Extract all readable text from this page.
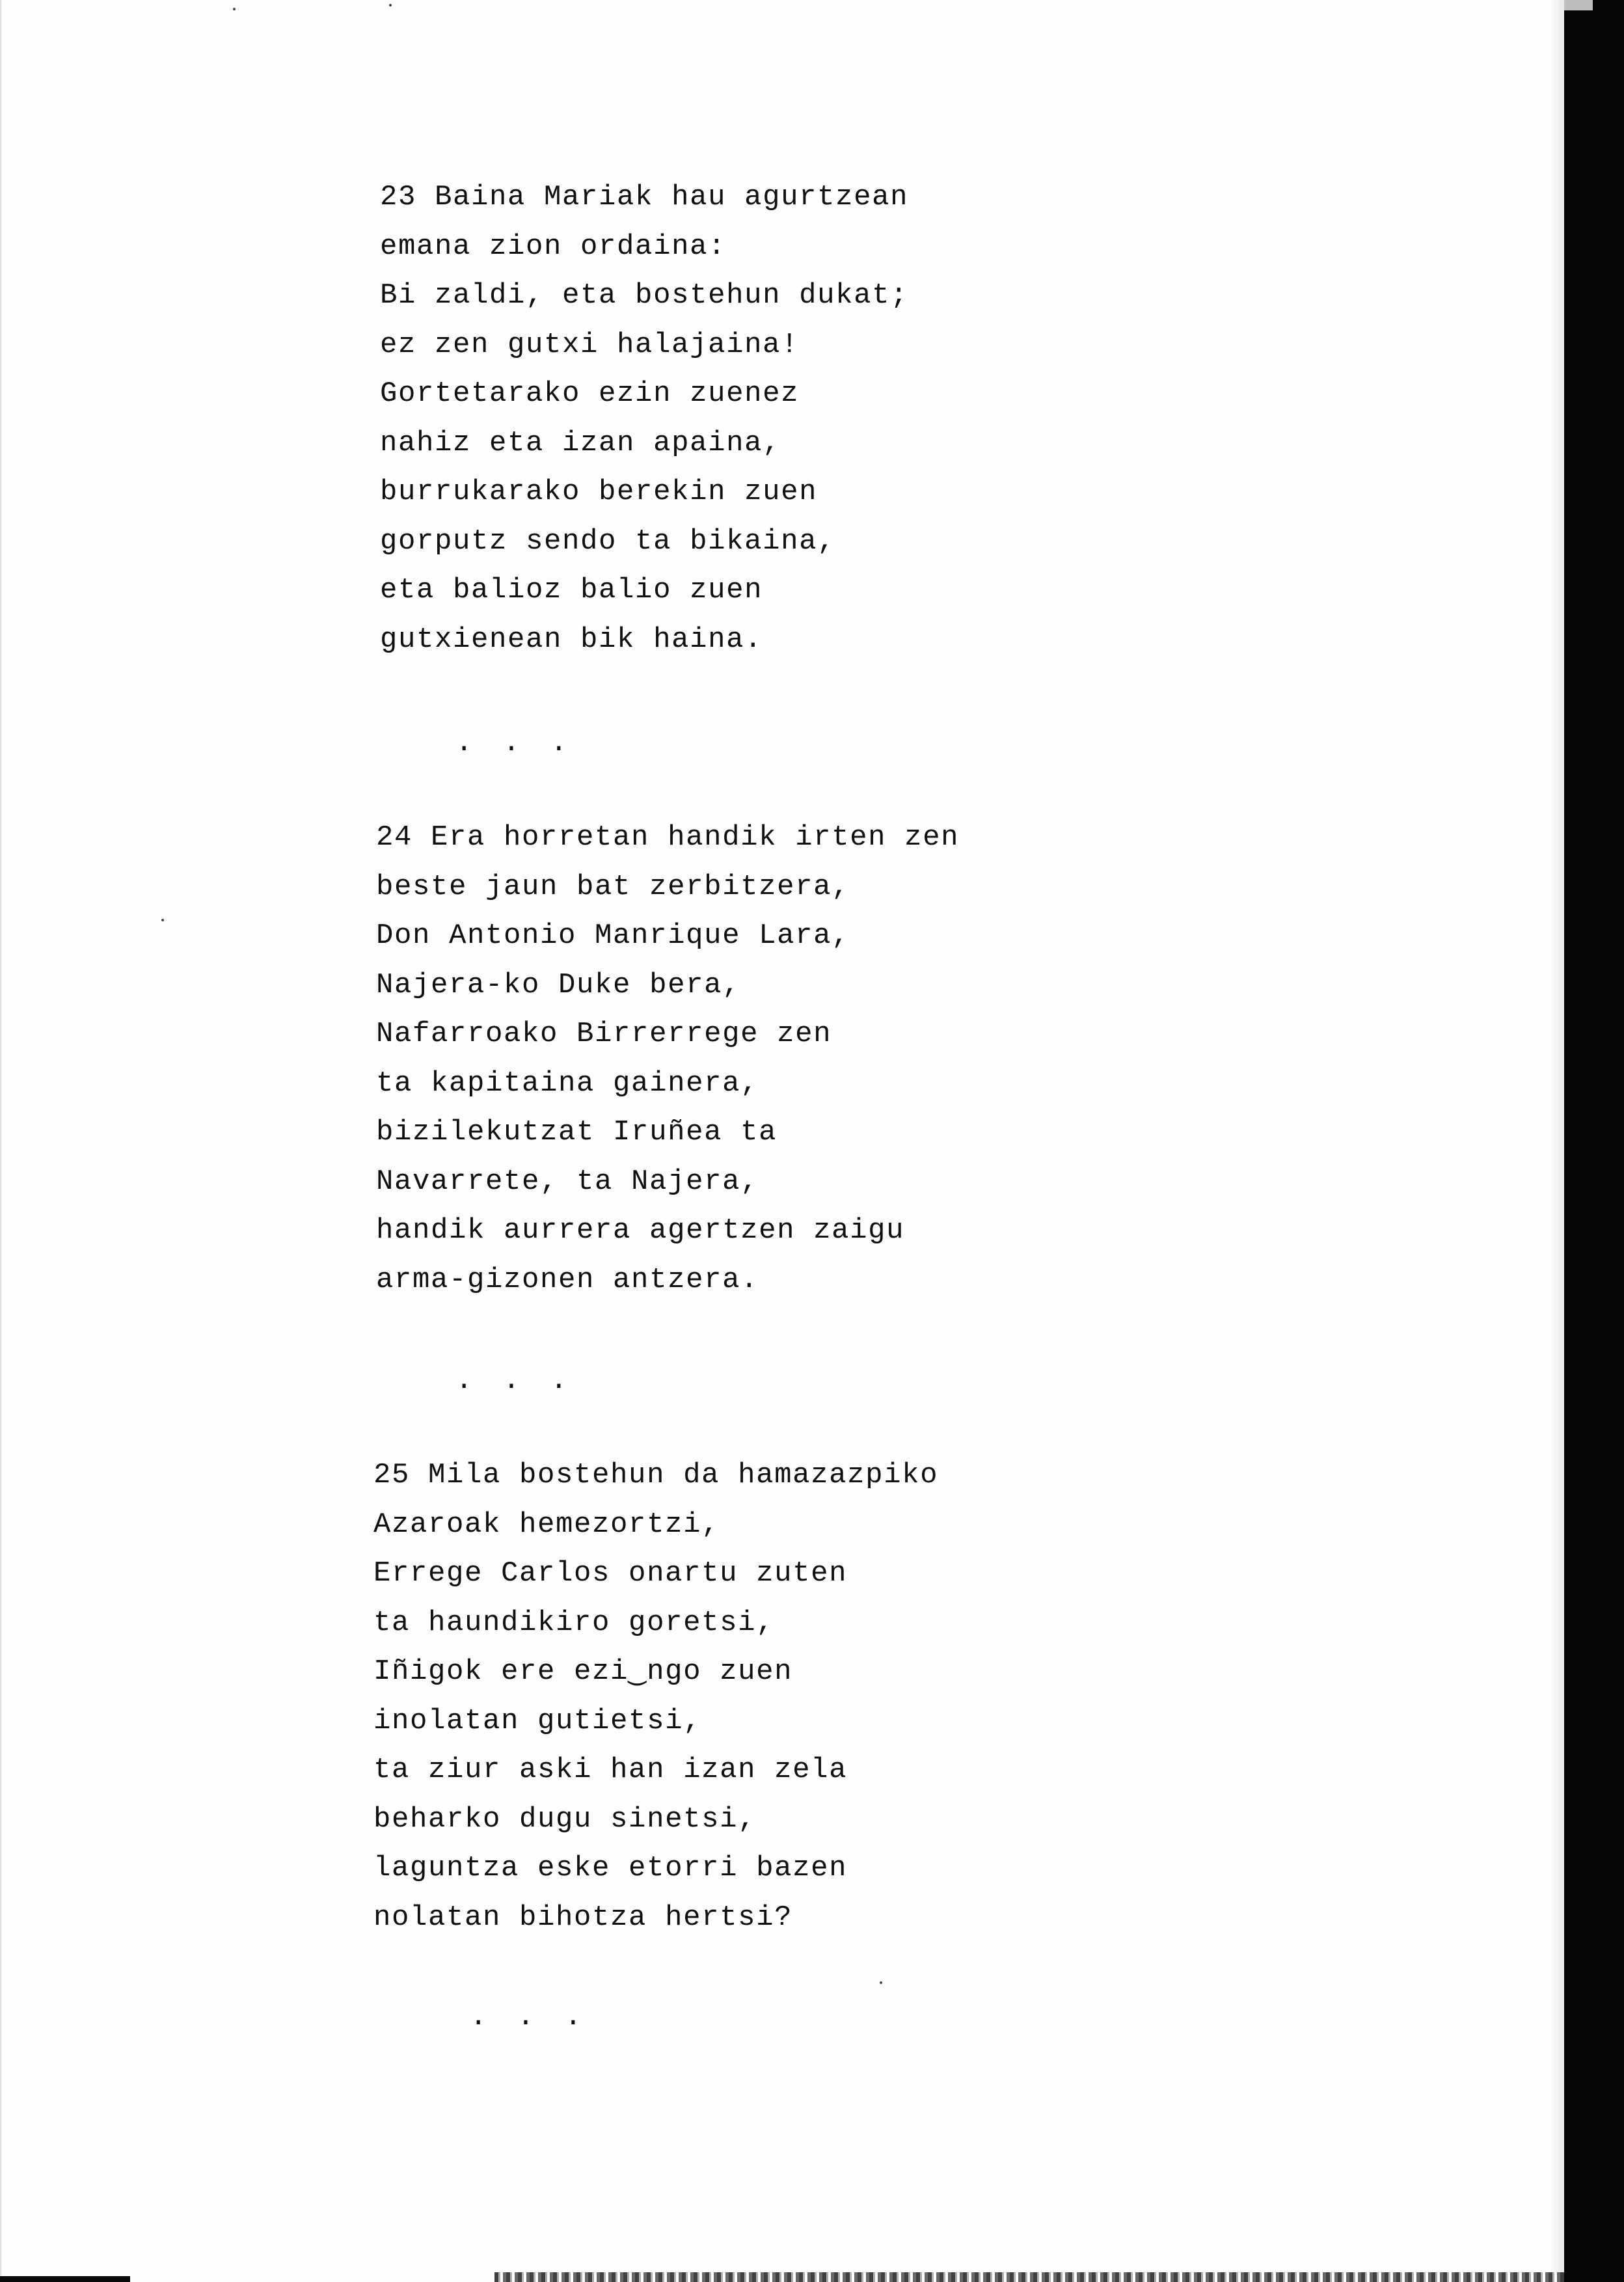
23 Baina Mariak hau agurtzean
emana zion ordaina:
Bi zaldi, eta bostehun dukat;
ez zen gutxi halajaina!
Gortetarako ezin zuenez
nahiz eta izan apaina,
burrukarako berekin zuen
gorputz sendo ta bikaina,
eta balioz balio zuen
gutxienean bik haina.
. . .
24 Era horretan handik irten zen
beste jaun bat zerbitzera,
Don Antonio Manrique Lara,
Najera-ko Duke bera,
Nafarroako Birrerrege zen
ta kapitaina gainera,
bizilekutzat Iruñea ta
Navarrete, ta Najera,
handik aurrera agertzen zaigu
arma-gizonen antzera.
. . .
25 Mila bostehun da hamazazpiko
Azaroak hemezortzi,
Errege Carlos onartu zuten
ta haundikiro goretsi,
Iñigok ere ezi‿ngo zuen
inolatan gutietsi,
ta ziur aski han izan zela
beharko dugu sinetsi,
laguntza eske etorri bazen
nolatan bihotza hertsi?
. . .
